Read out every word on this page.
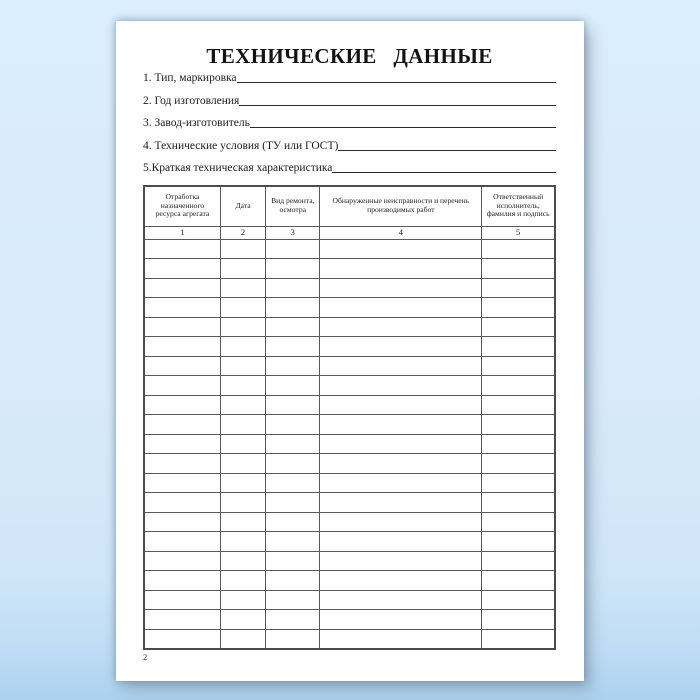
ТЕХНИЧЕСКИЕ ДАННЫЕ
1. Тип, маркировка
2. Год изготовления
3. Завод-изготовитель
4. Технические условия (ТУ или ГОСТ)
5.Краткая техническая характеристика
Отработка назначенного ресурса агрегата	Дата	Вид ремонта, осмотра	Обнаруженные неисправности и перечень производимых работ	Ответственный исполнитель, фамилия и подпись
1	2	3	4	5

2
